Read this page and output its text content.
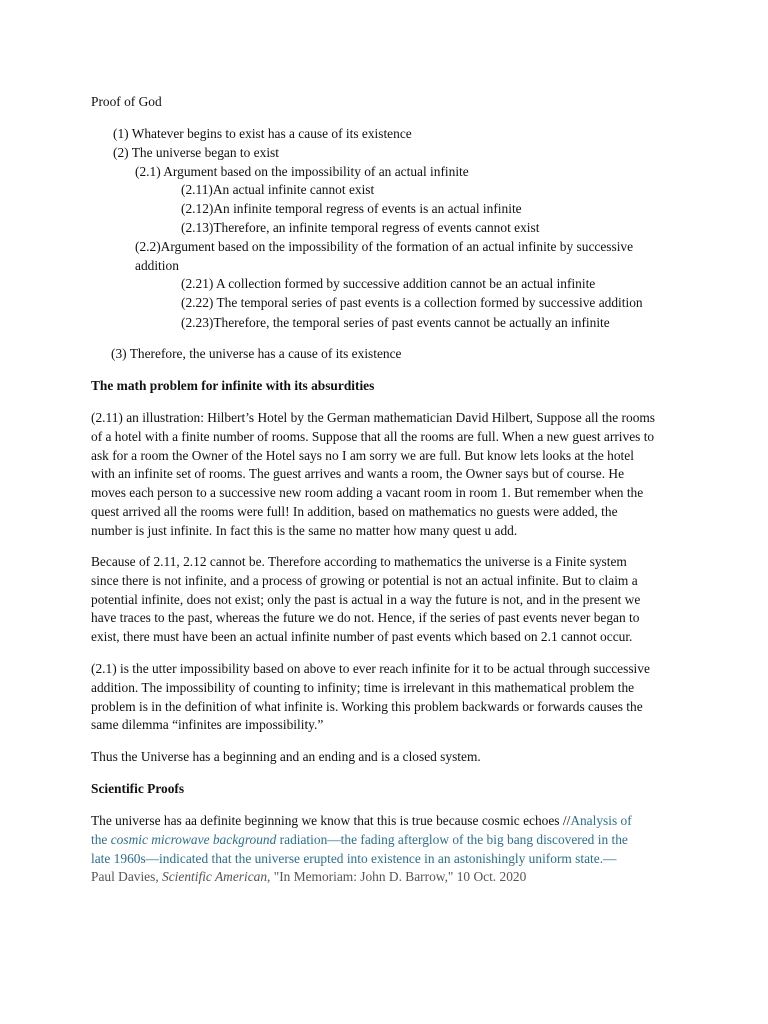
Proof of God
(1) Whatever begins to exist has a cause of its existence
(2) The universe began to exist
(2.1) Argument based on the impossibility of an actual infinite
(2.11)An actual infinite cannot exist
(2.12)An infinite temporal regress of events is an actual infinite
(2.13)Therefore, an infinite temporal regress of events cannot exist
(2.2)Argument based on the impossibility of the formation of an actual infinite by successive
addition
(2.21) A collection formed by successive addition cannot be an actual infinite
(2.22) The temporal series of past events is a collection formed by successive addition
(2.23)Therefore, the temporal series of past events cannot be actually an infinite
(3) Therefore, the universe has a cause of its existence
The math problem for infinite with its absurdities
(2.11) an illustration: Hilbert’s Hotel by the German mathematician David Hilbert, Suppose all the rooms
of a hotel with a finite number of rooms. Suppose that all the rooms are full. When a new guest arrives to
ask for a room the Owner of the Hotel says no I am sorry we are full. But know lets looks at the hotel
with an infinite set of rooms. The guest arrives and wants a room, the Owner says but of course. He
moves each person to a successive new room adding a vacant room in room 1. But remember when the
quest arrived all the rooms were full! In addition, based on mathematics no guests were added, the
number is just infinite. In fact this is the same no matter how many quest u add.
Because of 2.11, 2.12 cannot be. Therefore according to mathematics the universe is a Finite system
since there is not infinite, and a process of growing or potential is not an actual infinite. But to claim a
potential infinite, does not exist; only the past is actual in a way the future is not, and in the present we
have traces to the past, whereas the future we do not. Hence, if the series of past events never began to
exist, there must have been an actual infinite number of past events which based on 2.1 cannot occur.
(2.1) is the utter impossibility based on above to ever reach infinite for it to be actual through successive
addition. The impossibility of counting to infinity; time is irrelevant in this mathematical problem the
problem is in the definition of what infinite is. Working this problem backwards or forwards causes the
same dilemma “infinites are impossibility.”
Thus the Universe has a beginning and an ending and is a closed system.
Scientific Proofs
The universe has aa definite beginning we know that this is true because cosmic echoes //Analysis of
the cosmic microwave background radiation—the fading afterglow of the big bang discovered in the
late 1960s—indicated that the universe erupted into existence in an astonishingly uniform state.—
Paul Davies, Scientific American, "In Memoriam: John D. Barrow," 10 Oct. 2020
